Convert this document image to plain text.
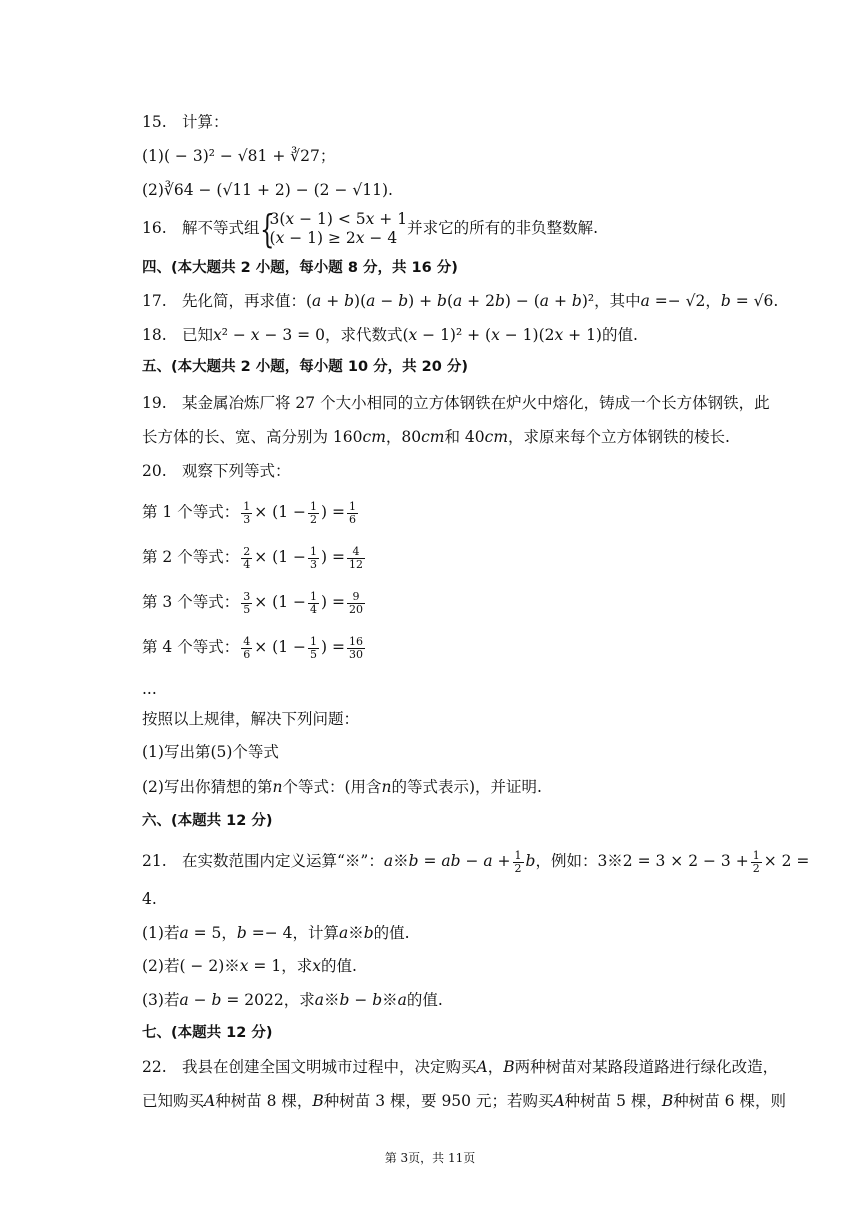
15. 计算：
(1)( − 3)² − √81 + ∛27；
(2)∛64 − (√11 + 2) − (2 − √11).
16. 解不等式组 {
3(𝑥 − 1) < 5𝑥 + 1
(𝑥 − 1) ≥ 2𝑥 − 4
并求它的所有的非负整数解.
四、(本大题共 2 小题，每小题 8 分，共 16 分)
17. 先化简，再求值：(𝑎 + 𝑏)(𝑎 − 𝑏) + 𝑏(𝑎 + 2𝑏) − (𝑎 + 𝑏)²，其中𝑎 =− √2，𝑏 = √6.
18. 已知𝑥² − 𝑥 − 3 = 0，求代数式(𝑥 − 1)² + (𝑥 − 1)(2𝑥 + 1)的值.
五、(本大题共 2 小题，每小题 10 分，共 20 分)
19. 某金属冶炼厂将 27 个大小相同的立方体钢铁在炉火中熔化，铸成一个长方体钢铁，此
长方体的长、宽、高分别为 160𝑐𝑚，80𝑐𝑚和 40𝑐𝑚，求原来每个立方体钢铁的棱长.
20. 观察下列等式：
第 1 个等式： $\frac{1}{3} \times (1 - \frac{1}{2}$ ) = $\frac{1}{6}$
第 2 个等式： $\frac{2}{4} \times (1 - \frac{1}{3}$ ) = $\frac{4}{12}$
第 3 个等式： $\frac{3}{5} \times (1 - \frac{1}{4}$ ) = $\frac{9}{20}$
第 4 个等式： $\frac{4}{6} \times (1 - \frac{1}{5}$ ) = $\frac{16}{30}$
...
按照以上规律，解决下列问题：
(1)写出第(5)个等式
(2)写出你猜想的第𝑛个等式：(用含𝑛的等式表示)，并证明.
六、(本题共 12 分)
21. 在实数范围内定义运算“※”：𝑎※𝑏 = 𝑎𝑏 − 𝑎 + $\frac{1}{2}$ 𝑏，例如：3※2 = $3 \times 2 - 3 + \frac{1}{2} \times 2$ =
4.
(1)若𝑎 = 5，𝑏 =− 4，计算𝑎※𝑏的值.
(2)若( − 2)※𝑥 = 1，求𝑥的值.
(3)若𝑎 − 𝑏 = 2022，求𝑎※𝑏 − 𝑏※𝑎的值.
七、(本题共 12 分)
22. 我县在创建全国文明城市过程中，决定购买𝐴，𝐵两种树苗对某路段道路进行绿化改造，
已知购买𝐴种树苗 8 棵，𝐵种树苗 3 棵，要 950 元；若购买𝐴种树苗 5 棵，𝐵种树苗 6 棵，则
第 3页，共 11页
